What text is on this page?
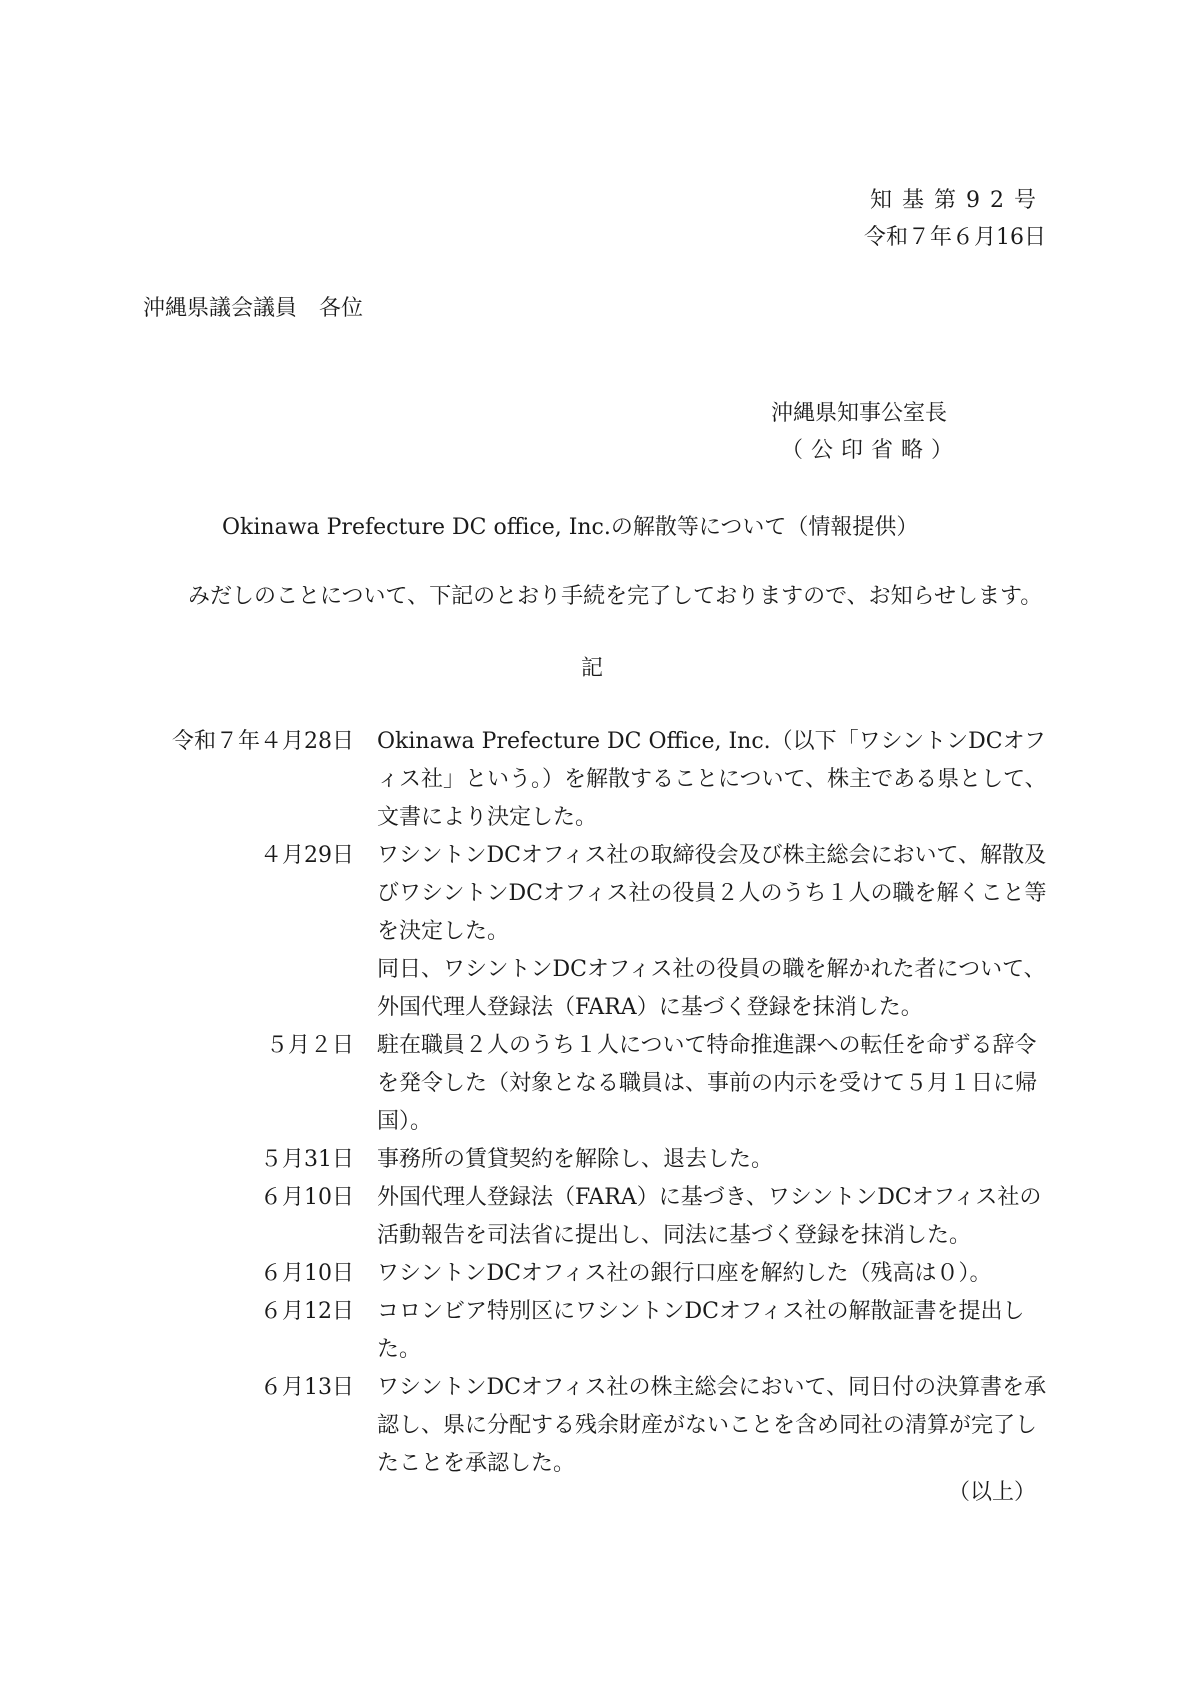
知基第92号
令和７年６月16日
沖縄県議会議員　各位
沖縄県知事公室長
（公印省略）
Okinawa Prefecture DC office, Inc.の解散等について（情報提供）
みだしのことについて、下記のとおり手続を完了しておりますので、お知らせします。
記
令和７年４月28日 Okinawa Prefecture DC Office, Inc.（以下「ワシントンDCオフィス社」という。）を解散することについて、株主である県として、文書により決定した。

４月29日 ワシントンDCオフィス社の取締役会及び株主総会において、解散及びワシントンDCオフィス社の役員２人のうち１人の職を解くこと等を決定した。

同日、ワシントンDCオフィス社の役員の職を解かれた者について、外国代理人登録法（FARA）に基づく登録を抹消した。

５月２日 駐在職員２人のうち１人について特命推進課への転任を命ずる辞令を発令した（対象となる職員は、事前の内示を受けて５月１日に帰国）。

５月31日 事務所の賃貸契約を解除し、退去した。

６月10日 外国代理人登録法（FARA）に基づき、ワシントンDCオフィス社の活動報告を司法省に提出し、同法に基づく登録を抹消した。

６月10日 ワシントンDCオフィス社の銀行口座を解約した（残高は０）。

６月12日 コロンビア特別区にワシントンDCオフィス社の解散証書を提出した。

６月13日 ワシントンDCオフィス社の株主総会において、同日付の決算書を承認し、県に分配する残余財産がないことを含め同社の清算が完了したことを承認した。

（以上）
